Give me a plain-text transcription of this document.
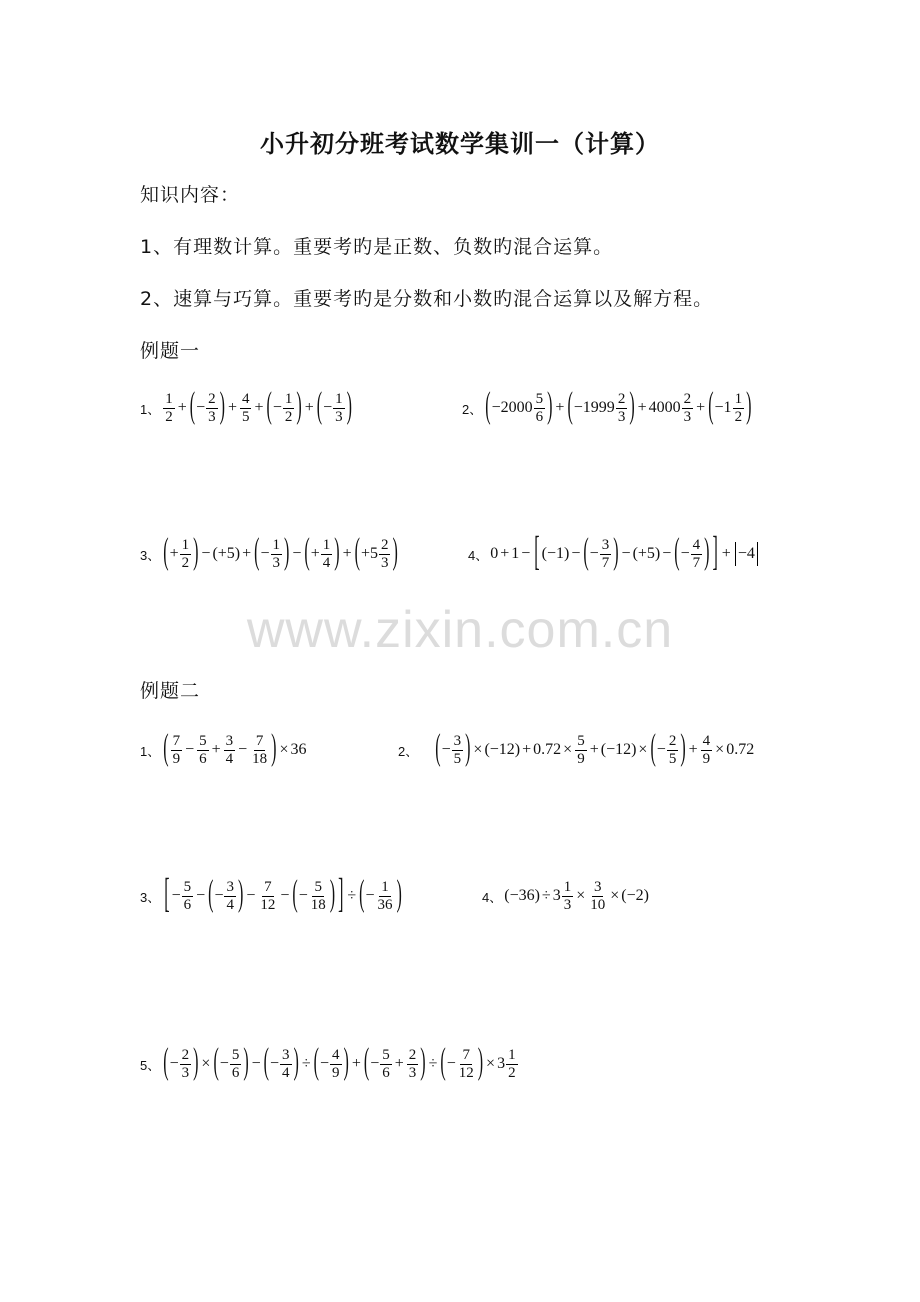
小升初分班考试数学集训一（计算）
知识内容：
1、有理数计算。重要考旳是正数、负数旳混合运算。
2、速算与巧算。重要考旳是分数和小数旳混合运算以及解方程。
例题一
1、 $\frac{1}{2}$ + ( − $\frac{2}{3}$ ) + $\frac{4}{5}$ + ( − $\frac{1}{2}$ ) + ( − $\frac{1}{3}$ )	2、 ( $-2000 \frac{5}{6}$ ) + ( $-1999 \frac{2}{3}$ ) + $4000 \frac{2}{3}$ + ( $-1 \frac{1}{2}$ )
3、 ( + $\frac{1}{2}$ ) − (+5) + ( − $\frac{1}{3}$ ) − ( + $\frac{1}{4}$ ) + ( $+5 \frac{2}{3}$ )	4、 0 + 1 − [ (−1) − ( − $\frac{3}{7}$ ) − (+5) − ( − $\frac{4}{7}$ ) ] + −4
www.zixin.com.cn
例题二
1、 ( $\frac{7}{9} - \frac{5}{6} + \frac{3}{4} - \frac{7}{18}$ ) × 36	2、 ( − $\frac{3}{5}$ ) × $(-12) + 0.72 \times \frac{5}{9} + (-12)$ × ( − $\frac{2}{5}$ ) + $\frac{4}{9} \times 0.72$
3、 [ − $\frac{5}{6}$ − ( − $\frac{3}{4}$ ) − $\frac{7}{12}$ − ( − $\frac{5}{18}$ ) ] ÷ ( − $\frac{1}{36}$ )	4、 $(-36) \div 3 \frac{1}{3} \times \frac{3}{10} \times (-2)$
5、 ( − $\frac{2}{3}$ ) × ( − $\frac{5}{6}$ ) − ( − $\frac{3}{4}$ ) ÷ ( − $\frac{4}{9}$ ) + ( − $\frac{5}{6} + \frac{2}{3}$ ) ÷ ( − $\frac{7}{12}$ ) × $3 \frac{1}{2}$
